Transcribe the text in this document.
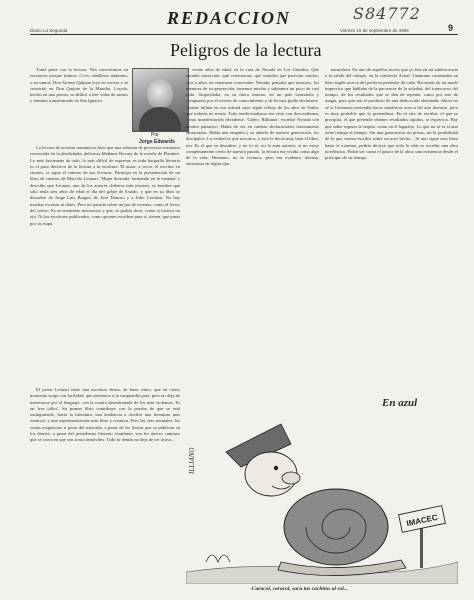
S84772
REDACCION
Diario La Segunda	Viernes 15 de septiembre de 1995	9
Peligros de la lectura
Por
Jorge Edwards

Tomé parte con la lectura. Nos convertimos en escritores porque fuimos. O en caballeros andantes, o en santos. Don Alonso Quijano leyó en exceso y se convirtió en Don Quijote de la Mancha. Loyola, herido en una pierna, se dedicó a leer vidas de santos y terminó transformado en San Ignacio.

La lectura de novelas románticas hizo que una señorita de provincia terminara convertida en la desdichada, deliciosa Madame Bovary de la novela de Flaubert. Lo más fascinante de todo, lo más difícil de expresar, es toda biografía literaria es el paso decisivo de la lectura a la escritura. El autor, a veces, el escritor en ciernes, si sigue el camino de sus lecturas. Participa en la presentación de un libro de cuentos de Marcelo Leonart. 'Mujer dormida' formando en la ventana' y describo que Leonart, uno de los autores chilenos más jóvenes, es hombre que sólo tenía seis años de edad el día del golpe de Estado, y que en su libro se descubre de Jorge Luis Borges, de José Donoso y a Julio Cortázar. No hay muchas escenas ni datos. Pero no pasaría sobre un par de escenas, como el lector del centro. Es un momento misterioso y que, se podría decir, como si tuviera un ojo. Ni los escritores publicados, como quienes escriben para sí, tienen, que pasar por su etapa.

El joven Leonart tiene una escritura densa, de buen ritmo, que en cierto momento surge con facilidad, que pertenece a la vanguardia para, pero no deja de interesarse por el lenguaje, con la contra desenfrenada de los más violentos. Es en 'tres tallos'. Su primer libro contribuye con la prueba de que se está extinguiendo, hacia la literatura, una tendencia a escribir una literatura más esencial, y una experimentación más libre y creativa. Pero las vías normales, las viejas exigencias, a pesar del mercado, a pesar de las fiestas que se publican en los diarios, a pesar del periodismo literario triunfante, son los únicos caminos que se conocen que son acaso inmóviles. Todo lo demás no deja de ser acaso...

veinte años de edad, en la casa de Neruda en Los Guindos. Que extraña iniciación, qué ceremonias, qué sentidos que parecían mucho, alos y años, en comenzar a encender. Neruda, pensaba que nosotros, los menores de su generación, tenemos mucho y sabíamos un poco de casi todo. Sospechaba, en su fuero interno, en un país venezuela y compuesto por el exceso de conocimiento y de lectura podía declararse. Quizás influía en esa actitud suya algún reflejo de los años de Stalin, que todavía no moría. Todo intelectualismo era visto con desconfianza, como manifestación decadente. 'Gideo, Rilkiana', escribió Neruda con desden pulsativo. Había de ver en cambio declaraciones francamente anunciadas. Había una empatía y su anhelo de nuestra generación, los discípulos. La verdad es que nosotros, y esto lo decía muy bien el libro, ten. Es el que se descubre, y no lo sé, no la eran autores, si no estoy completamente cierto de nuestra pasión, la lectura era vivida como algo de la vida, Hermano, no la vivimos, pero era evidente, intensa, entusiasta de algún tipo.

naturaleza. En uno de aquellos textos que yo leía en mi adolescencia a la salida del colegio, en la confitería Astral. Unamuno comentaba un libro inglés acerca del perfecto perdedor de caña. Recuerdo de un modo impreciso que hablaba de la paciencia de la soledad, del transcurso del tiempo, de los resultados que se dan de repente, como por arte de magia, pero que son el producto de una dedicación obstinada. Ahora no sé si Unamuno pretendía hacer metáforas acerca del arte literario, pero es muy probable que lo pretendiera. En el arte de escribir, el que se precipita, el que pretende obtener resultados rápidos, se equivoca. Hay que saber esperar la sequía, como en el lagartijo. Lo que no sé es si uno tiene tiempo al tiempo. Sin una generación sin prisas, sin la posibilidad de la que cuenta escribir sobre un acto hecho... Si uno sigue esta línea hasta el extremo, podría decirse que toda la vida es escribir una obra novelística. Podrá ser como el pastor de la obra: una existencia desde el principio de su tiempo.

En azul
ILLIANO
IMACEC
-Caracol, caracol, saca tus cachitos al sol...
